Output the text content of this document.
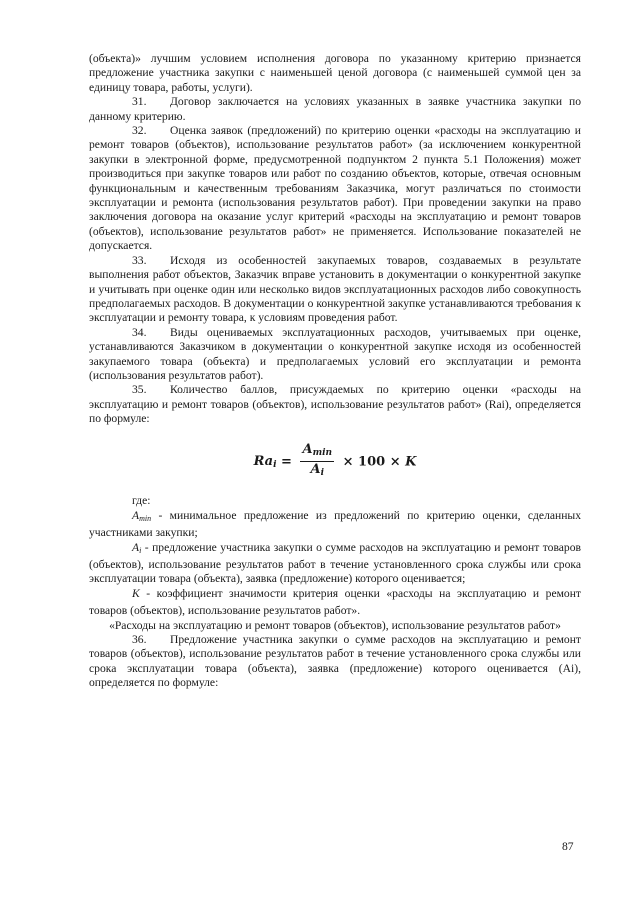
(объекта)» лучшим условием исполнения договора по указанному критерию признается предложение участника закупки с наименьшей ценой договора (с наименьшей суммой цен за единицу товара, работы, услуги).

31. Договор заключается на условиях указанных в заявке участника закупки по данному критерию.

32. Оценка заявок (предложений) по критерию оценки «расходы на эксплуатацию и ремонт товаров (объектов), использование результатов работ» (за исключением конкурентной закупки в электронной форме, предусмотренной подпунктом 2 пункта 5.1 Положения) может производиться при закупке товаров или работ по созданию объектов, которые, отвечая основным функциональным и качественным требованиям Заказчика, могут различаться по стоимости эксплуатации и ремонта (использования результатов работ). При проведении закупки на право заключения договора на оказание услуг критерий «расходы на эксплуатацию и ремонт товаров (объектов), использование результатов работ» не применяется. Использование показателей не допускается.

33. Исходя из особенностей закупаемых товаров, создаваемых в результате выполнения работ объектов, Заказчик вправе установить в документации о конкурентной закупке и учитывать при оценке один или несколько видов эксплуатационных расходов либо совокупность предполагаемых расходов. В документации о конкурентной закупке устанавливаются требования к эксплуатации и ремонту товара, к условиям проведения работ.

34. Виды оцениваемых эксплуатационных расходов, учитываемых при оценке, устанавливаются Заказчиком в документации о конкурентной закупке исходя из особенностей закупаемого товара (объекта) и предполагаемых условий его эксплуатации и ремонта (использования результатов работ).

35. Количество баллов, присуждаемых по критерию оценки «расходы на эксплуатацию и ремонт товаров (объектов), использование результатов работ» (Rai), определяется по формуле:

$Ra_i = \frac{A_{min}}{A_i} \times 100 \times K$

где:

$A_{min}$ - минимальное предложение из предложений по критерию оценки, сделанных участниками закупки;

$A_i$ - предложение участника закупки о сумме расходов на эксплуатацию и ремонт товаров (объектов), использование результатов работ в течение установленного срока службы или срока эксплуатации товара (объекта), заявка (предложение) которого оценивается;

K - коэффициент значимости критерия оценки «расходы на эксплуатацию и ремонт товаров (объектов), использование результатов работ».

«Расходы на эксплуатацию и ремонт товаров (объектов), использование результатов работ»

36. Предложение участника закупки о сумме расходов на эксплуатацию и ремонт товаров (объектов), использование результатов работ в течение установленного срока службы или срока эксплуатации товара (объекта), заявка (предложение) которого оценивается (Ai), определяется по формуле:

87
